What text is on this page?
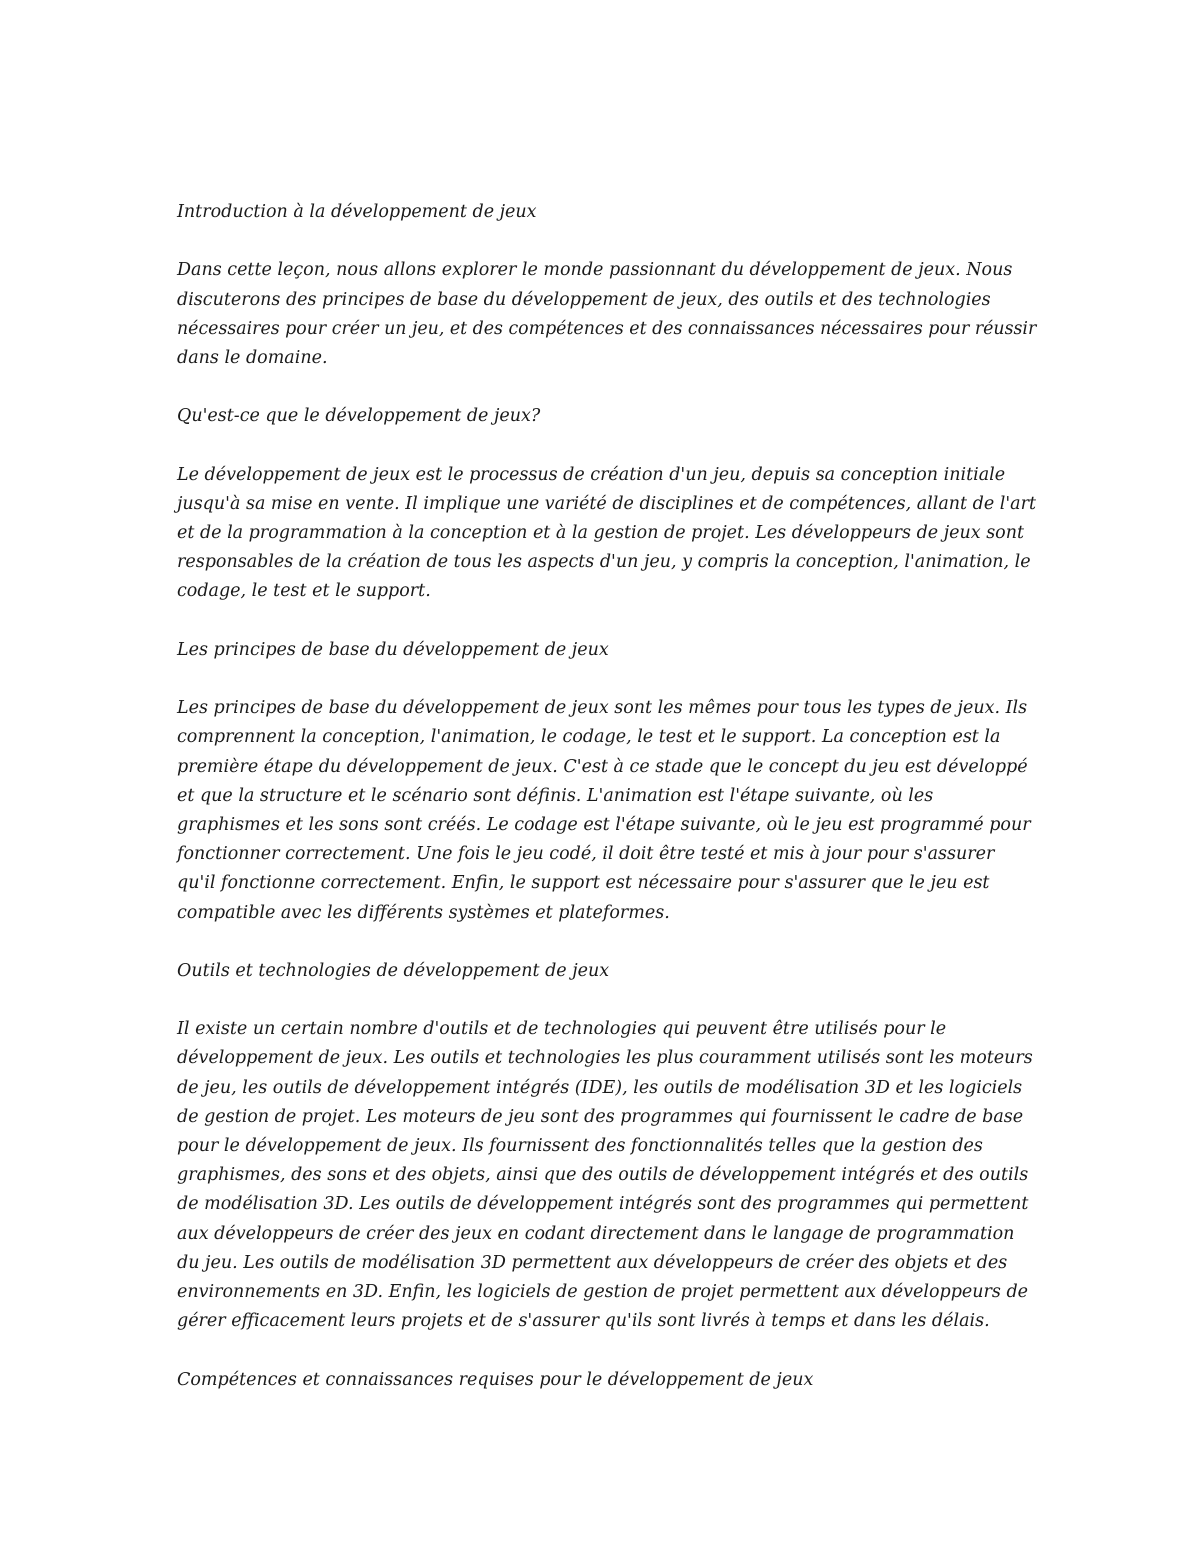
Introduction à la développement de jeux
Dans cette leçon, nous allons explorer le monde passionnant du développement de jeux. Nous
discuterons des principes de base du développement de jeux, des outils et des technologies
nécessaires pour créer un jeu, et des compétences et des connaissances nécessaires pour réussir
dans le domaine.
Qu'est-ce que le développement de jeux?
Le développement de jeux est le processus de création d'un jeu, depuis sa conception initiale
jusqu'à sa mise en vente. Il implique une variété de disciplines et de compétences, allant de l'art
et de la programmation à la conception et à la gestion de projet. Les développeurs de jeux sont
responsables de la création de tous les aspects d'un jeu, y compris la conception, l'animation, le
codage, le test et le support.
Les principes de base du développement de jeux
Les principes de base du développement de jeux sont les mêmes pour tous les types de jeux. Ils
comprennent la conception, l'animation, le codage, le test et le support. La conception est la
première étape du développement de jeux. C'est à ce stade que le concept du jeu est développé
et que la structure et le scénario sont définis. L'animation est l'étape suivante, où les
graphismes et les sons sont créés. Le codage est l'étape suivante, où le jeu est programmé pour
fonctionner correctement. Une fois le jeu codé, il doit être testé et mis à jour pour s'assurer
qu'il fonctionne correctement. Enfin, le support est nécessaire pour s'assurer que le jeu est
compatible avec les différents systèmes et plateformes.
Outils et technologies de développement de jeux
Il existe un certain nombre d'outils et de technologies qui peuvent être utilisés pour le
développement de jeux. Les outils et technologies les plus couramment utilisés sont les moteurs
de jeu, les outils de développement intégrés (IDE), les outils de modélisation 3D et les logiciels
de gestion de projet. Les moteurs de jeu sont des programmes qui fournissent le cadre de base
pour le développement de jeux. Ils fournissent des fonctionnalités telles que la gestion des
graphismes, des sons et des objets, ainsi que des outils de développement intégrés et des outils
de modélisation 3D. Les outils de développement intégrés sont des programmes qui permettent
aux développeurs de créer des jeux en codant directement dans le langage de programmation
du jeu. Les outils de modélisation 3D permettent aux développeurs de créer des objets et des
environnements en 3D. Enfin, les logiciels de gestion de projet permettent aux développeurs de
gérer efficacement leurs projets et de s'assurer qu'ils sont livrés à temps et dans les délais.
Compétences et connaissances requises pour le développement de jeux
